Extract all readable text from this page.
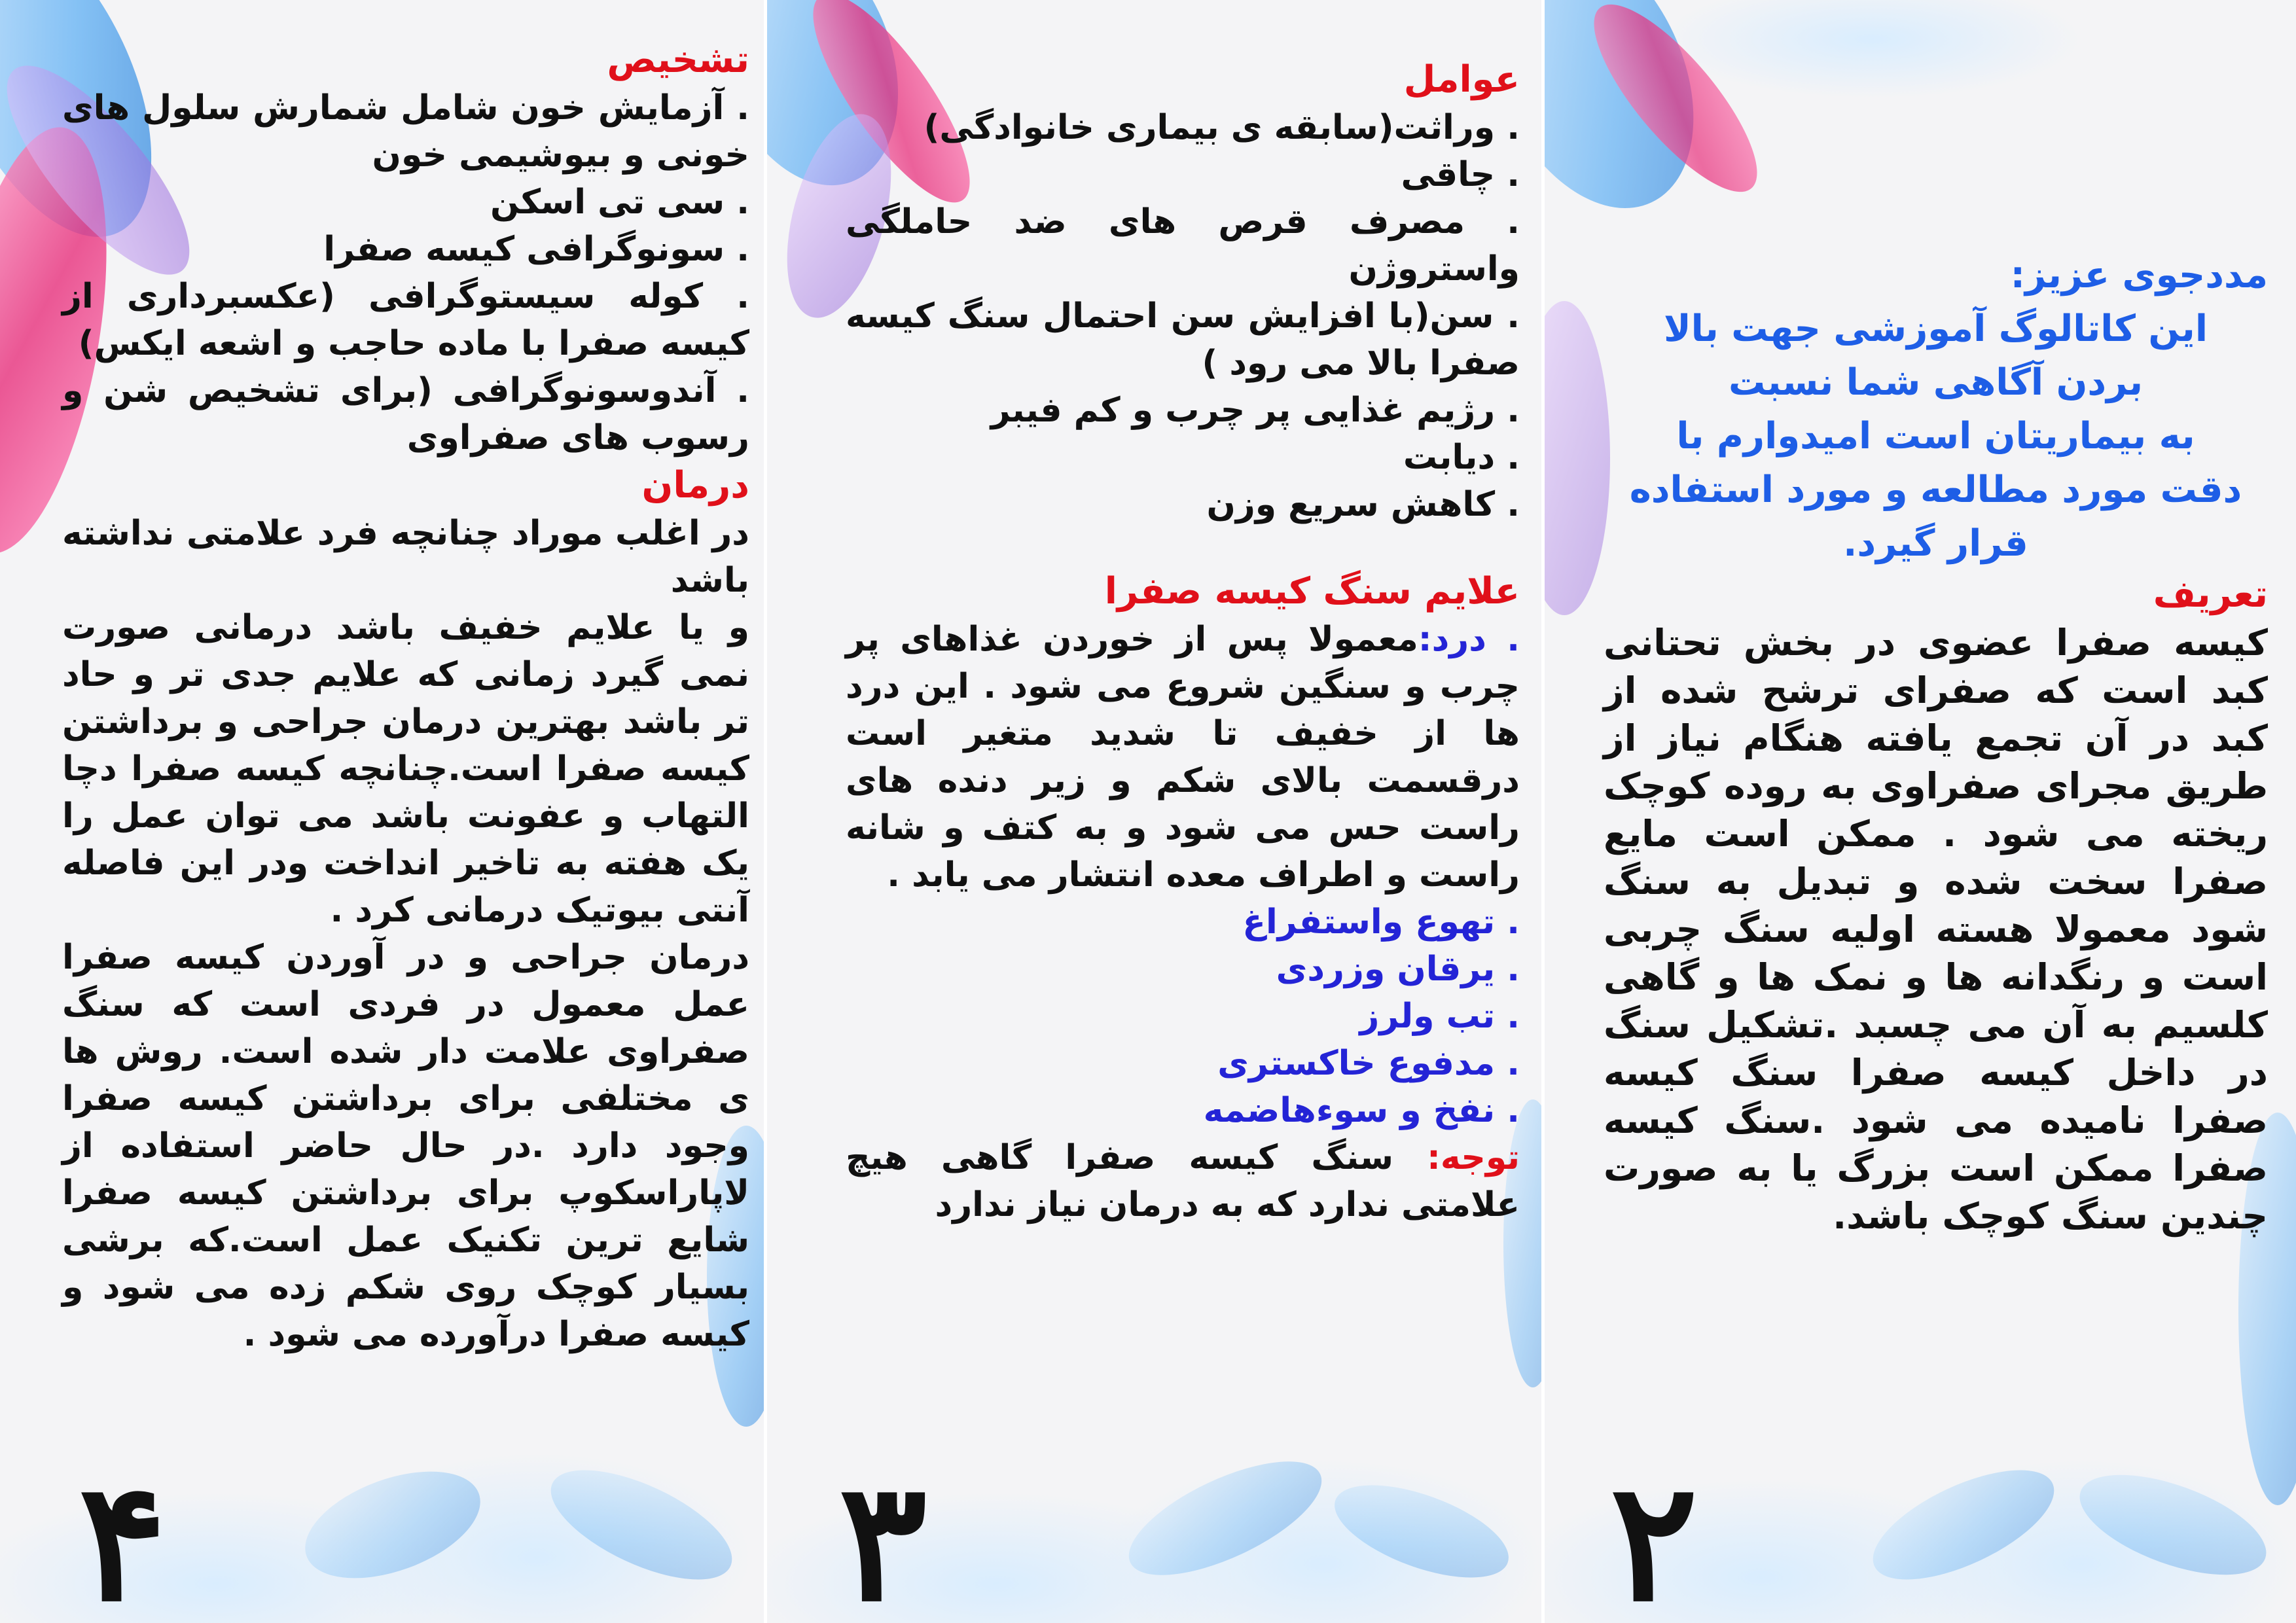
تشخیص

. آزمایش خون شامل شمارش سلول های خونی و بیوشیمی خون

. سی تی اسکن

. سونوگرافی کیسه صفرا

. کوله سیستوگرافی (عکسبرداری از کیسه صفرا با ماده حاجب و اشعه ایکس)

. آندوسونوگرافی (برای تشخیص شن و رسوب های صفراوی

درمان

در اغلب موراد چنانچه فرد علامتی نداشته باشد

و یا علایم خفیف باشد درمانی صورت نمی گیرد زمانی که علایم جدی تر و حاد تر باشد بهترین درمان جراحی و برداشتن کیسه صفرا است.چنانچه کیسه صفرا دچا التهاب و عفونت باشد می توان عمل را یک هفته به تاخیر انداخت ودر این فاصله آنتی بیوتیک درمانی کرد .

درمان جراحی و در آوردن کیسه صفرا عمل معمول در فردی است که سنگ صفراوی علامت دار شده است. روش ها ی مختلفی برای برداشتن کیسه صفرا وجود دارد .در حال حاضر استفاده از لاپاراسکوپ برای برداشتن کیسه صفرا شایع ترین تکنیک عمل است.که برشی بسیار کوچک روی شکم زده می شود و کیسه صفرا درآورده می شود .

۴
عوامل

. وراثت(سابقه ی بیماری خانوادگی)

. چاقی

. مصرف قرص های ضد حاملگی واستروژن

. سن(با افزایش سن احتمال سنگ کیسه صفرا بالا می رود )

. رژیم غذایی پر چرب و کم فیبر

. دیابت

. کاهش سریع وزن

علایم سنگ کیسه صفرا

. درد:معمولا پس از خوردن غذاهای پر چرب و سنگین شروع می شود . این درد ها از خفیف تا شدید متغیر است درقسمت بالای شکم و زیر دنده های راست حس می شود و به کتف و شانه راست و اطراف معده انتشار می یابد .

. تهوع واستفراغ

. یرقان وزردی

. تب ولرز

. مدفوع خاکستری

. نفخ و سوءهاضمه

توجه: سنگ کیسه صفرا گاهی هیچ علامتی ندارد که به درمان نیاز ندارد

۳
مددجوی عزیز:
این کاتالوگ آموزشی جهت بالا
بردن آگاهی شما نسبت
به بیماریتان است امیدوارم با
دقت مورد مطالعه و مورد استفاده
قرار گیرد.
تعریف

کیسه صفرا عضوی در بخش تحتانی کبد است که صفرای ترشح شده از کبد در آن تجمع یافته هنگام نیاز از طریق مجرای صفراوی به روده کوچک ریخته می شود . ممکن است مایع صفرا سخت شده و تبدیل به سنگ شود معمولا هسته اولیه سنگ چربی است و رنگدانه ها و نمک ها و گاهی کلسیم به آن می چسبد .تشکیل سنگ در داخل کیسه صفرا سنگ کیسه صفرا نامیده می شود .سنگ کیسه صفرا ممکن است بزرگ یا به صورت چندین سنگ کوچک باشد.

۲
